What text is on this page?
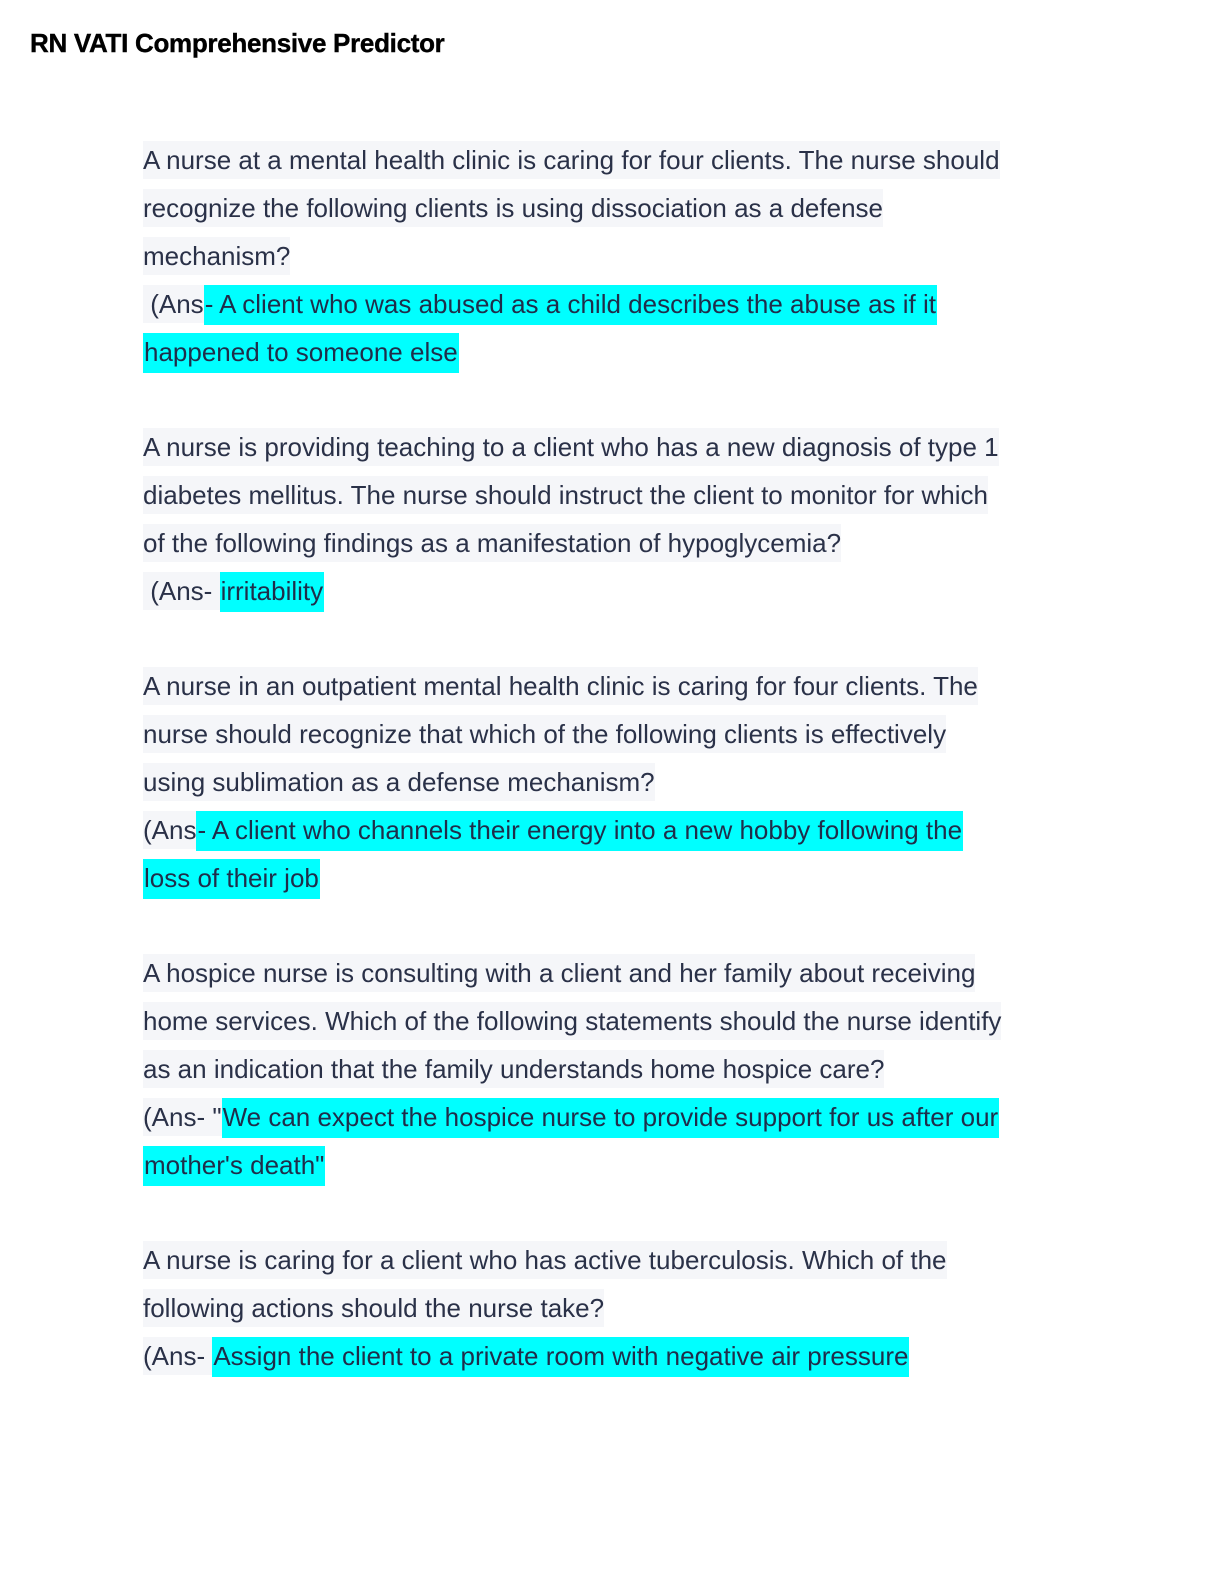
RN VATI Comprehensive Predictor
A nurse at a mental health clinic is caring for four clients. The nurse should
recognize the following clients is using dissociation as a defense
mechanism?
(Ans- A client who was abused as a child describes the abuse as if it
happened to someone else
A nurse is providing teaching to a client who has a new diagnosis of type 1
diabetes mellitus. The nurse should instruct the client to monitor for which
of the following findings as a manifestation of hypoglycemia?
(Ans- irritability
A nurse in an outpatient mental health clinic is caring for four clients. The
nurse should recognize that which of the following clients is effectively
using sublimation as a defense mechanism?
(Ans- A client who channels their energy into a new hobby following the
loss of their job
A hospice nurse is consulting with a client and her family about receiving
home services. Which of the following statements should the nurse identify
as an indication that the family understands home hospice care?
(Ans- "We can expect the hospice nurse to provide support for us after our
mother's death"
A nurse is caring for a client who has active tuberculosis. Which of the
following actions should the nurse take?
(Ans- Assign the client to a private room with negative air pressure
